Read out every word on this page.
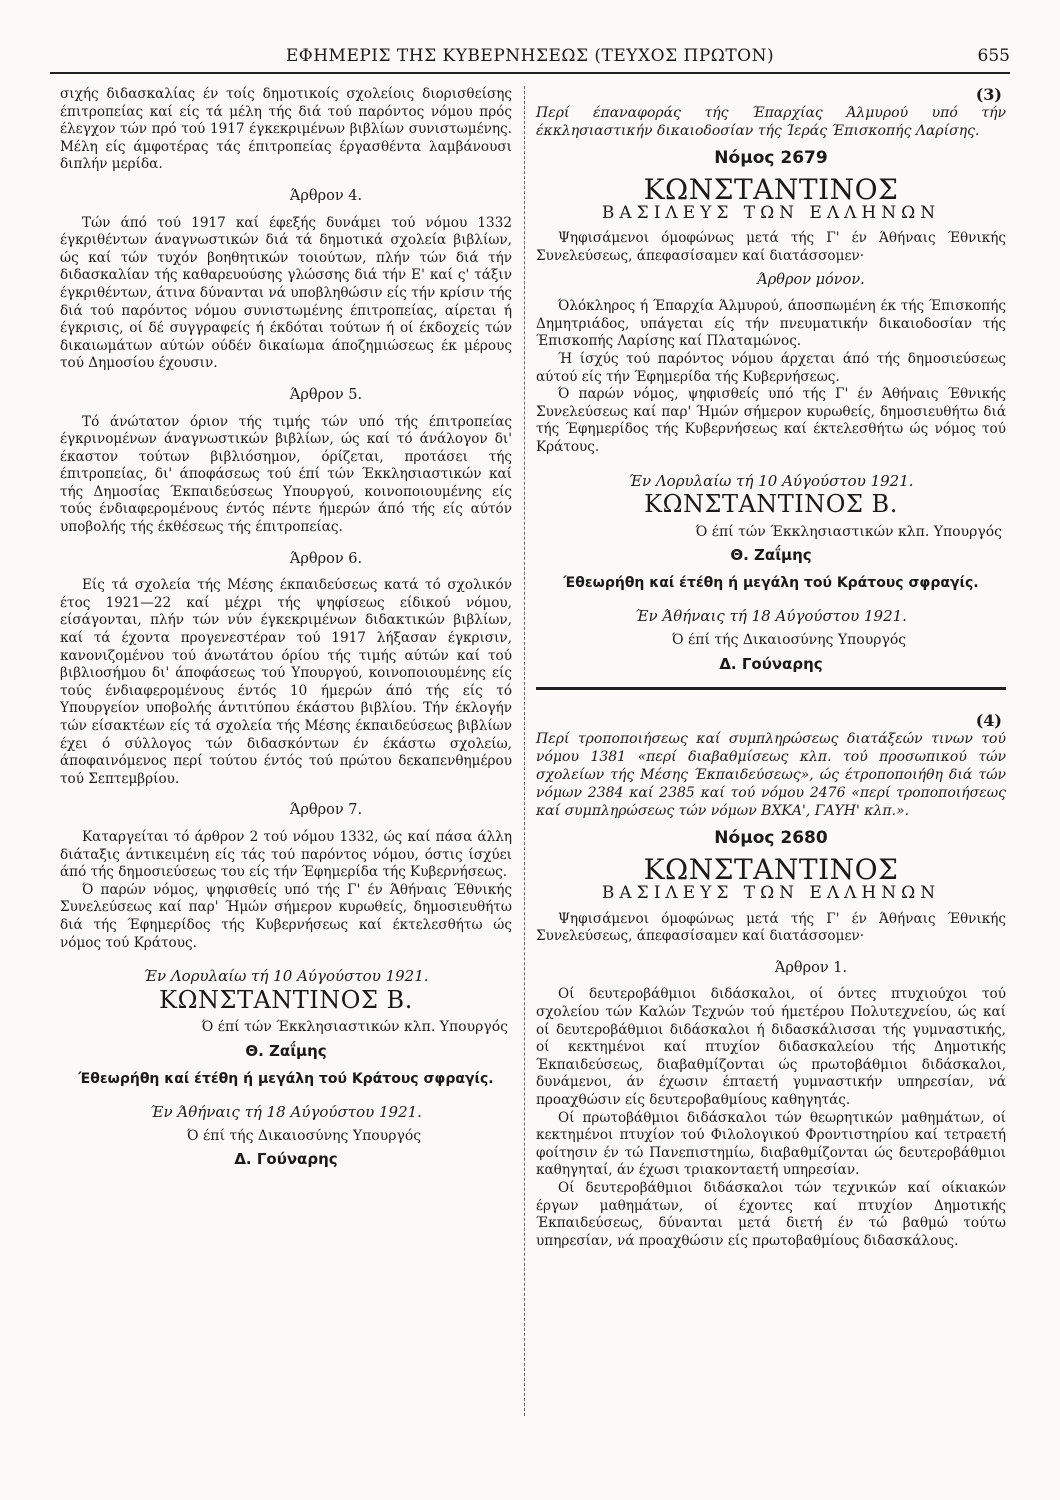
ΕΦΗΜΕΡΙΣ ΤΗΣ ΚΥΒΕΡΝΗΣΕΩΣ (ΤΕΥΧΟΣ ΠΡΩΤΟΝ)	655

σιχής διδασκαλίας έν τοίς δημοτικοίς σχολείοις διορισθείσης έπιτροπείας καί είς τά μέλη τής διά τού παρόντος νόμου πρός έλεγχον τών πρό τού 1917 έγκεκριμένων βιβλίων συνιστωμένης. Μέλη είς άμφοτέρας τάς έπιτροπείας έργασθέντα λαμβάνουσι διπλήν μερίδα.

Άρθρον 4.

Τών άπό τού 1917 καί έφεξής δυνάμει τού νόμου 1332 έγκριθέντων άναγνωστικών διά τά δημοτικά σχολεία βιβλίων, ώς καί τών τυχόν βοηθητικών τοιούτων, πλήν τών διά τήν διδασκαλίαν τής καθαρευούσης γλώσσης διά τήν Ε' καί ς' τάξιν έγκριθέντων, άτινα δύνανται νά υποβληθώσιν είς τήν κρίσιν τής διά τού παρόντος νόμου συνιστωμένης έπιτροπείας, αίρεται ή έγκρισις, οί δέ συγγραφείς ή έκδόται τούτων ή οί έκδοχείς τών δικαιωμάτων αύτών ούδέν δικαίωμα άποζημιώσεως έκ μέρους τού Δημοσίου έχουσιν.

Άρθρον 5.

Τό άνώτατον όριον τής τιμής τών υπό τής έπιτροπείας έγκρινομένων άναγνωστικών βιβλίων, ώς καί τό άνάλογον δι' έκαστον τούτων βιβλιόσημον, όρίζεται, προτάσει τής έπιτροπείας, δι' άποφάσεως τού έπί τών Έκκλησιαστικών καί τής Δημοσίας Έκπαιδεύσεως Υπουργού, κοινοποιουμένης είς τούς ένδιαφερομένους έντός πέντε ήμερών άπό τής είς αύτόν υποβολής τής έκθέσεως τής έπιτροπείας.

Άρθρον 6.

Είς τά σχολεία τής Μέσης έκπαιδεύσεως κατά τό σχολικόν έτος 1921—22 καί μέχρι τής ψηφίσεως είδικού νόμου, είσάγονται, πλήν τών νύν έγκεκριμένων διδακτικών βιβλίων, καί τά έχοντα προγενεστέραν τού 1917 λήξασαν έγκρισιν, κανονιζομένου τού άνωτάτου όρίου τής τιμής αύτών καί τού βιβλιοσήμου δι' άποφάσεως τού Υπουργού, κοινοποιουμένης είς τούς ένδιαφερομένους έντός 10 ήμερών άπό τής είς τό Υπουργείον υποβολής άντιτύπου έκάστου βιβλίου. Τήν έκλογήν τών είσακτέων είς τά σχολεία τής Μέσης έκπαιδεύσεως βιβλίων έχει ό σύλλογος τών διδασκόντων έν έκάστω σχολείω, άποφαινόμενος περί τούτου έντός τού πρώτου δεκαπενθημέρου τού Σεπτεμβρίου.

Άρθρον 7.

Καταργείται τό άρθρον 2 τού νόμου 1332, ώς καί πάσα άλλη διάταξις άντικειμένη είς τάς τού παρόντος νόμου, όστις ίσχύει άπό τής δημοσιεύσεως του είς τήν Έφημερίδα τής Κυβερνήσεως.

Ό παρών νόμος, ψηφισθείς υπό τής Γ' έν Άθήναις Έθνικής Συνελεύσεως καί παρ' Ήμών σήμερον κυρωθείς, δημοσιευθήτω διά τής Έφημερίδος τής Κυβερνήσεως καί έκτελεσθήτω ώς νόμος τού Κράτους.

Έν Λορυλαίω τή 10 Αύγούστου 1921.
ΚΩΝΣΤΑΝΤΙΝΟΣ Β.
Ό έπί τών Έκκλησιαστικών κλπ. Υπουργός
Θ. Ζαΐμης
Έθεωρήθη καί έτέθη ή μεγάλη τού Κράτους σφραγίς.
Έν Άθήναις τή 18 Αύγούστου 1921.
Ό έπί τής Δικαιοσύνης Υπουργός
Δ. Γούναρης
(3)
Περί έπαναφοράς τής Έπαρχίας Άλμυρού υπό τήν έκκλησιαστικήν δικαιοδοσίαν τής Ίεράς Έπισκοπής Λαρίσης.
Νόμος 2679
ΚΩΝΣΤΑΝΤΙΝΟΣ
ΒΑΣΙΛΕΥΣ ΤΩΝ ΕΛΛΗΝΩΝ

Ψηφισάμενοι όμοφώνως μετά τής Γ' έν Άθήναις Έθνικής Συνελεύσεως, άπεφασίσαμεν καί διατάσσομεν·

Άρθρον μόνον.

Όλόκληρος ή Έπαρχία Άλμυρού, άποσπωμένη έκ τής Έπισκοπής Δημητριάδος, υπάγεται είς τήν πνευματικήν δικαιοδοσίαν τής Έπισκοπής Λαρίσης καί Πλαταμώνος.

Ή ίσχύς τού παρόντος νόμου άρχεται άπό τής δημοσιεύσεως αύτού είς τήν Έφημερίδα τής Κυβερνήσεως.

Ό παρών νόμος, ψηφισθείς υπό τής Γ' έν Άθήναις Έθνικής Συνελεύσεως καί παρ' Ήμών σήμερον κυρωθείς, δημοσιευθήτω διά τής Έφημερίδος τής Κυβερνήσεως καί έκτελεσθήτω ώς νόμος τού Κράτους.

Έν Λορυλαίω τή 10 Αύγούστου 1921.
ΚΩΝΣΤΑΝΤΙΝΟΣ Β.
Ό έπί τών Έκκλησιαστικών κλπ. Υπουργός
Θ. Ζαΐμης
Έθεωρήθη καί έτέθη ή μεγάλη τού Κράτους σφραγίς.
Έν Άθήναις τή 18 Αύγούστου 1921.
Ό έπί τής Δικαιοσύνης Υπουργός
Δ. Γούναρης
(4)
Περί τροποποιήσεως καί συμπληρώσεως διατάξεών τινων τού νόμου 1381 «περί διαβαθμίσεως κλπ. τού προσωπικού τών σχολείων τής Μέσης Έκπαιδεύσεως», ώς έτροποποιήθη διά τών νόμων 2384 καί 2385 καί τού νόμου 2476 «περί τροποποιήσεως καί συμπληρώσεως τών νόμων ΒΧΚΑ', ΓΑΥΗ' κλπ.».
Νόμος 2680
ΚΩΝΣΤΑΝΤΙΝΟΣ
ΒΑΣΙΛΕΥΣ ΤΩΝ ΕΛΛΗΝΩΝ

Ψηφισάμενοι όμοφώνως μετά τής Γ' έν Άθήναις Έθνικής Συνελεύσεως, άπεφασίσαμεν καί διατάσσομεν·

Άρθρον 1.

Οί δευτεροβάθμιοι διδάσκαλοι, οί όντες πτυχιούχοι τού σχολείου τών Καλών Τεχνών τού ήμετέρου Πολυτεχνείου, ώς καί οί δευτεροβάθμιοι διδάσκαλοι ή διδασκάλισσαι τής γυμναστικής, οί κεκτημένοι καί πτυχίον διδασκαλείου τής Δημοτικής Έκπαιδεύσεως, διαβαθμίζονται ώς πρωτοβάθμιοι διδάσκαλοι, δυνάμενοι, άν έχωσιν έπταετή γυμναστικήν υπηρεσίαν, νά προαχθώσιν είς δευτεροβαθμίους καθηγητάς.

Οί πρωτοβάθμιοι διδάσκαλοι τών θεωρητικών μαθημάτων, οί κεκτημένοι πτυχίον τού Φιλολογικού Φροντιστηρίου καί τετραετή φοίτησιν έν τώ Πανεπιστημίω, διαβαθμίζονται ώς δευτεροβάθμιοι καθηγηταί, άν έχωσι τριακονταετή υπηρεσίαν.

Οί δευτεροβάθμιοι διδάσκαλοι τών τεχνικών καί οίκιακών έργων μαθημάτων, οί έχοντες καί πτυχίον Δημοτικής Έκπαιδεύσεως, δύνανται μετά διετή έν τώ βαθμώ τούτω υπηρεσίαν, νά προαχθώσιν είς πρωτοβαθμίους διδασκάλους.
